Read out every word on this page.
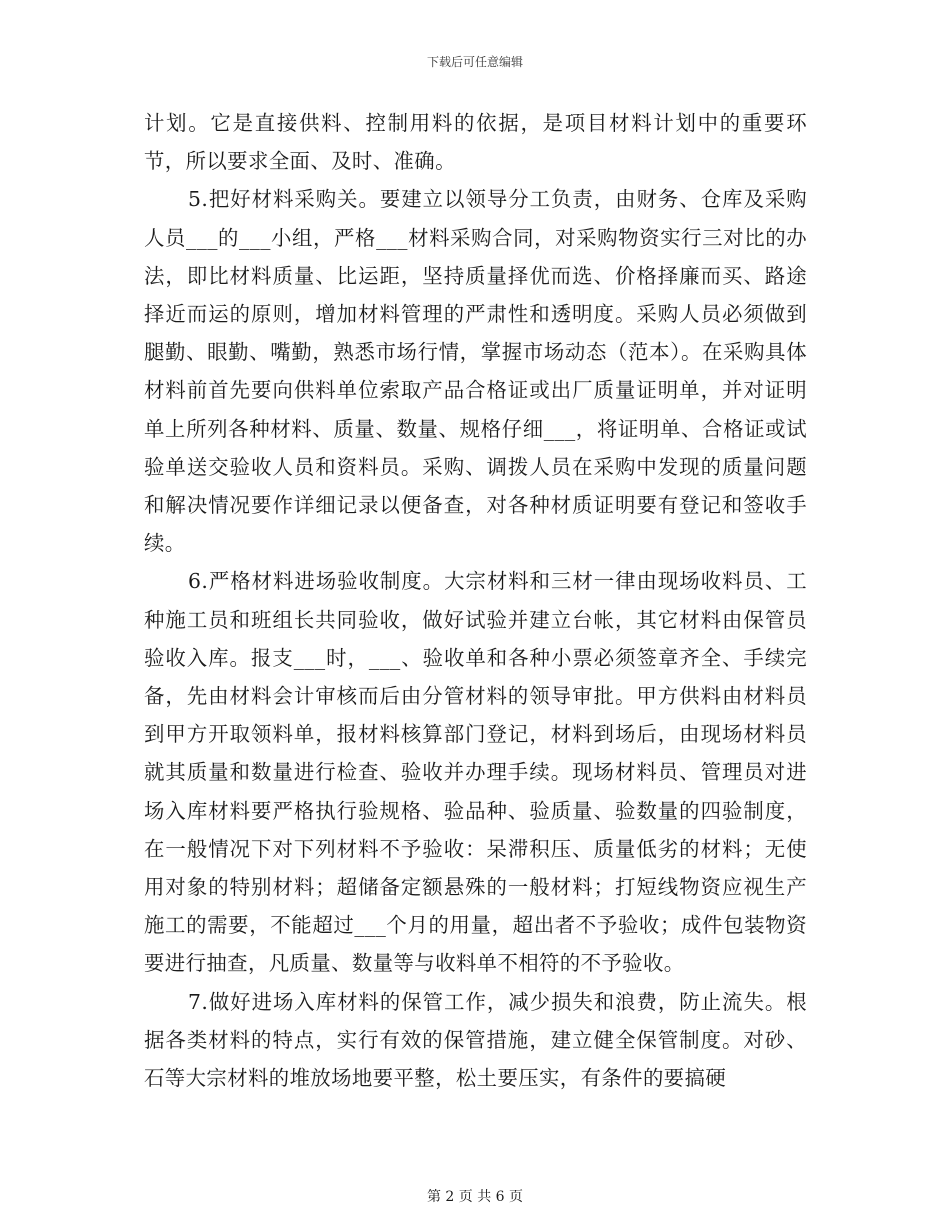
下载后可任意编辑

计划。它是直接供料、控制用料的依据，是项目材料计划中的重要环节，所以要求全面、及时、准确。

5.把好材料采购关。要建立以领导分工负责，由财务、仓库及采购人员___的___小组，严格___材料采购合同，对采购物资实行三对比的办法，即比材料质量、比运距，坚持质量择优而选、价格择廉而买、路途择近而运的原则，增加材料管理的严肃性和透明度。采购人员必须做到腿勤、眼勤、嘴勤，熟悉市场行情，掌握市场动态（范本）。在采购具体材料前首先要向供料单位索取产品合格证或出厂质量证明单，并对证明单上所列各种材料、质量、数量、规格仔细___，将证明单、合格证或试验单送交验收人员和资料员。采购、调拨人员在采购中发现的质量问题和解决情况要作详细记录以便备查，对各种材质证明要有登记和签收手续。

6.严格材料进场验收制度。大宗材料和三材一律由现场收料员、工种施工员和班组长共同验收，做好试验并建立台帐，其它材料由保管员验收入库。报支___时，___、验收单和各种小票必须签章齐全、手续完备，先由材料会计审核而后由分管材料的领导审批。甲方供料由材料员到甲方开取领料单，报材料核算部门登记，材料到场后，由现场材料员就其质量和数量进行检查、验收并办理手续。现场材料员、管理员对进场入库材料要严格执行验规格、验品种、验质量、验数量的四验制度，在一般情况下对下列材料不予验收：呆滞积压、质量低劣的材料；无使用对象的特别材料；超储备定额悬殊的一般材料；打短线物资应视生产施工的需要，不能超过___个月的用量，超出者不予验收；成件包装物资要进行抽查，凡质量、数量等与收料单不相符的不予验收。

7.做好进场入库材料的保管工作，减少损失和浪费，防止流失。根据各类材料的特点，实行有效的保管措施，建立健全保管制度。对砂、石等大宗材料的堆放场地要平整，松土要压实，有条件的要搞硬

第 2 页 共 6 页
